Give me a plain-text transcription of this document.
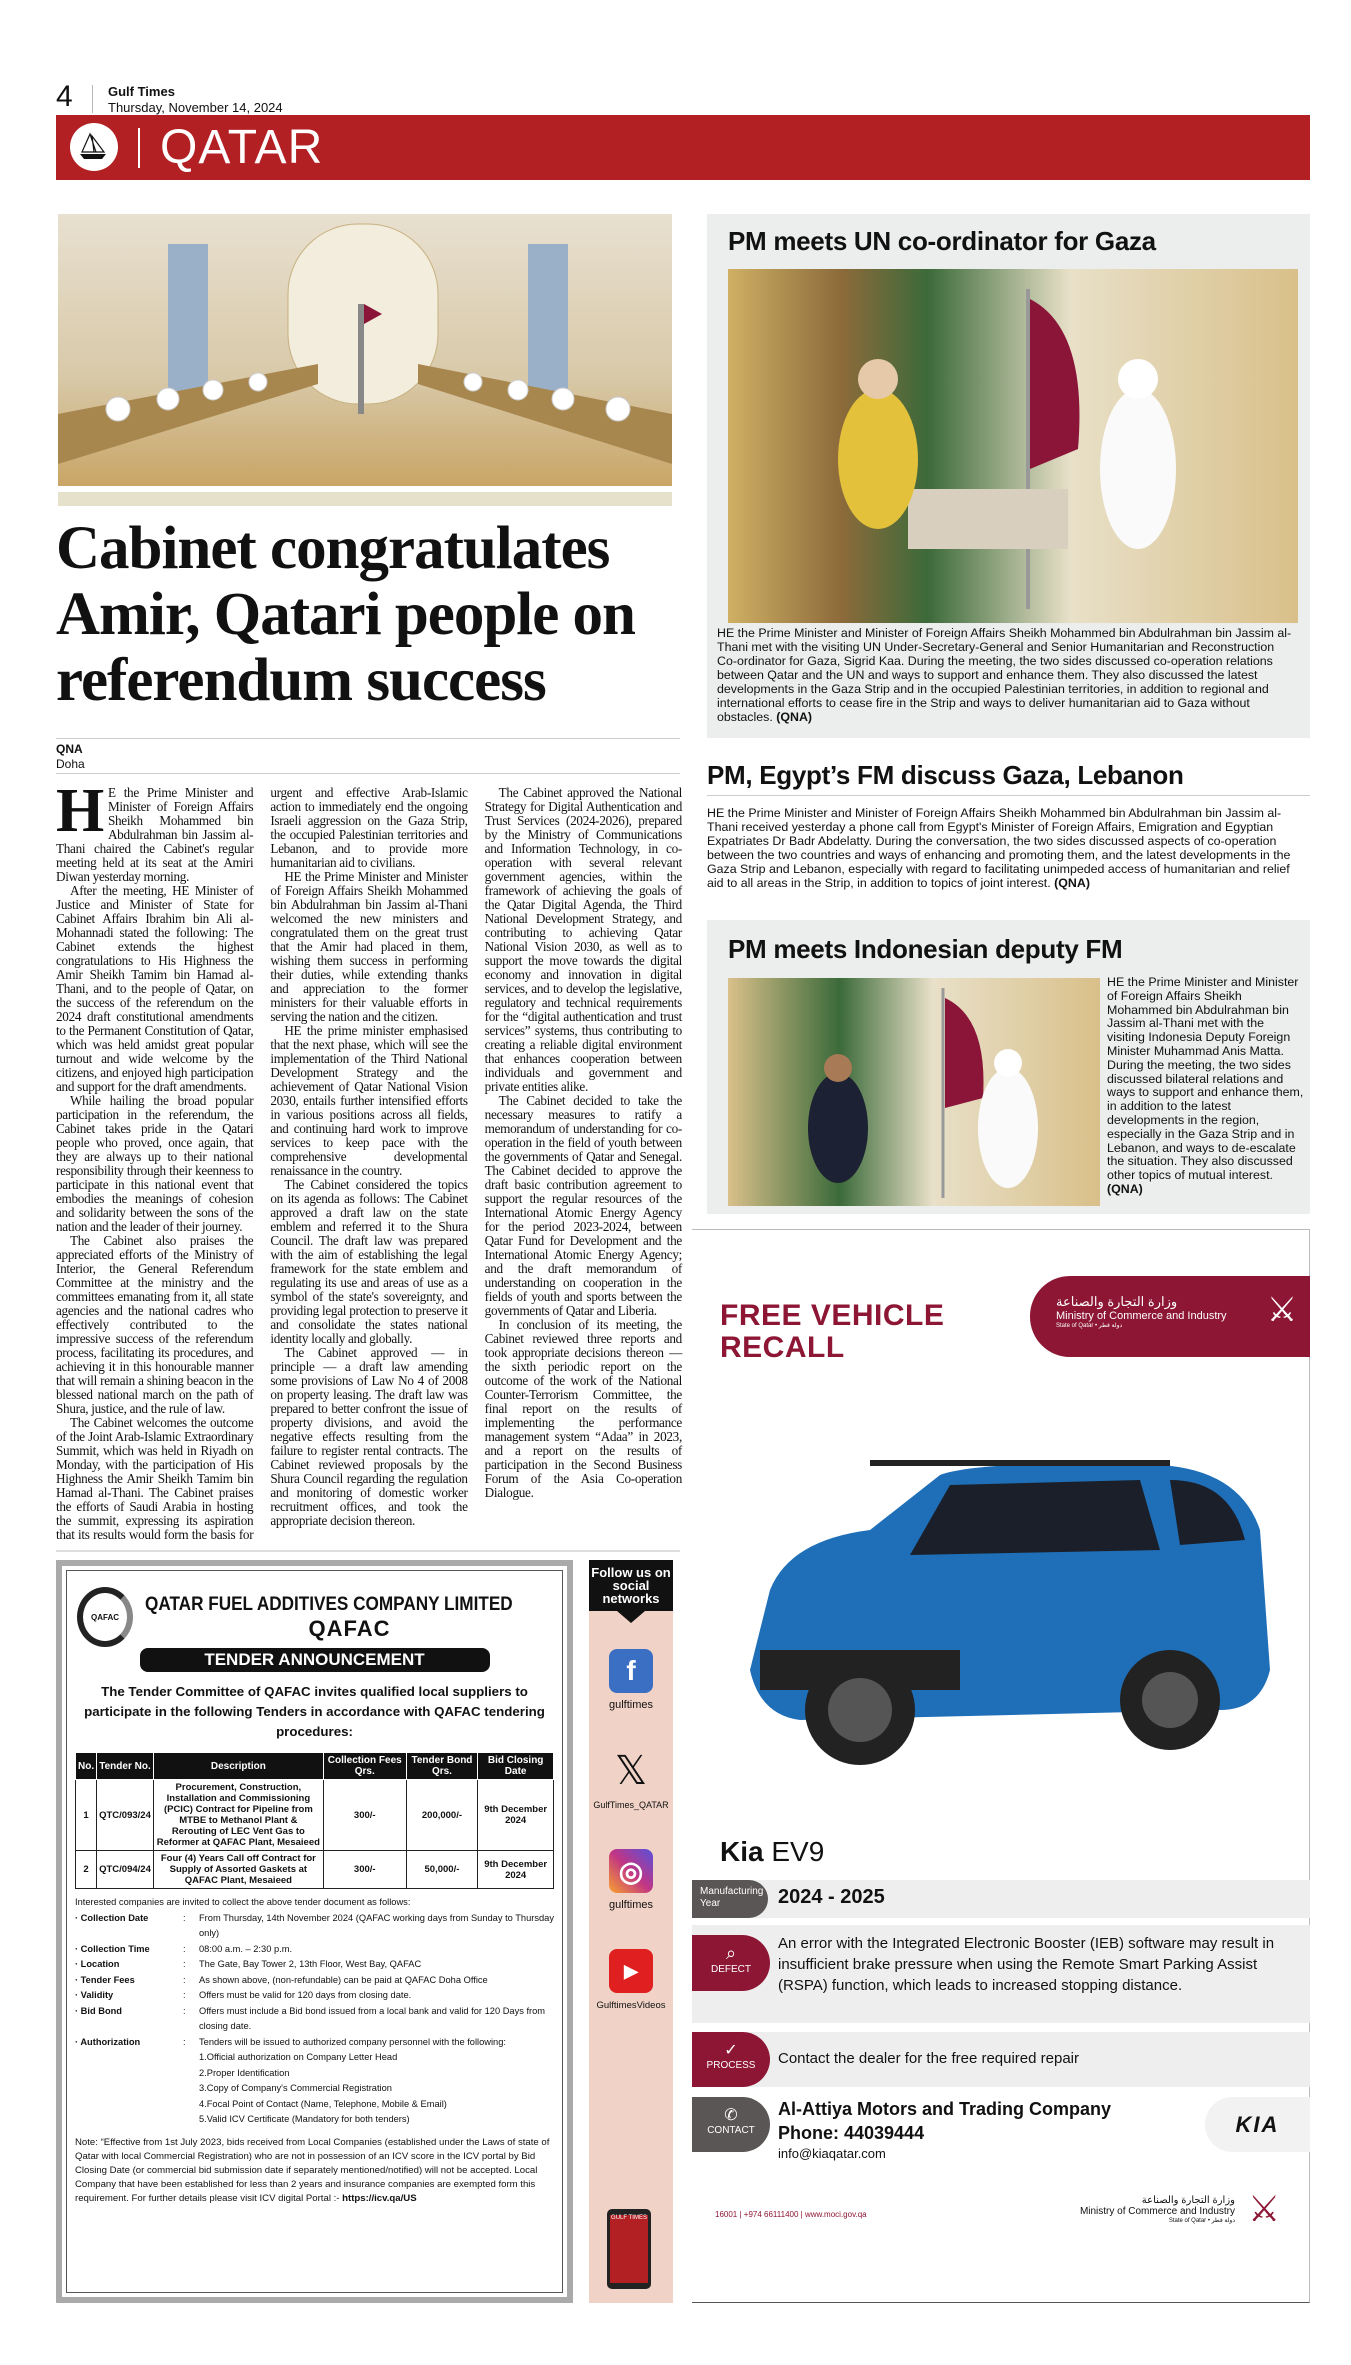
4	Gulf Times
Thursday, November 14, 2024
QATAR
Cabinet congratulates Amir, Qatari people on referendum success
QNA
Doha

HE the Prime Minister and Minister of Foreign Affairs Sheikh Mohammed bin Abdulrahman bin Jassim al-Thani chaired the Cabinet's regular meeting held at its seat at the Amiri Diwan yesterday morning.

After the meeting, HE Minister of Justice and Minister of State for Cabinet Affairs Ibrahim bin Ali al-Mohannadi stated the following: The Cabinet extends the highest congratulations to His Highness the Amir Sheikh Tamim bin Hamad al-Thani, and to the people of Qatar, on the success of the referendum on the 2024 draft constitutional amendments to the Permanent Constitution of Qatar, which was held amidst great popular turnout and wide welcome by the citizens, and enjoyed high participation and support for the draft amendments.

While hailing the broad popular participation in the referendum, the Cabinet takes pride in the Qatari people who proved, once again, that they are always up to their national responsibility through their keenness to participate in this national event that embodies the meanings of cohesion and solidarity between the sons of the nation and the leader of their journey.

The Cabinet also praises the appreciated efforts of the Ministry of Interior, the General Referendum Committee at the ministry and the committees emanating from it, all state agencies and the national cadres who effectively contributed to the impressive success of the referendum process, facilitating its procedures, and achieving it in this honourable manner that will remain a shining beacon in the blessed national march on the path of Shura, justice, and the rule of law.

The Cabinet welcomes the outcome of the Joint Arab-Islamic Extraordinary Summit, which was held in Riyadh on Monday, with the participation of His Highness the Amir Sheikh Tamim bin Hamad al-Thani. The Cabinet praises the efforts of Saudi Arabia in hosting the summit, expressing its aspiration that its results would form the basis for urgent and effective Arab-Islamic action to immediately end the ongoing Israeli aggression on the Gaza Strip, the occupied Palestinian territories and Lebanon, and to provide more humanitarian aid to civilians.

HE the Prime Minister and Minister of Foreign Affairs Sheikh Mohammed bin Abdulrahman bin Jassim al-Thani welcomed the new ministers and congratulated them on the great trust that the Amir had placed in them, wishing them success in performing their duties, while extending thanks and appreciation to the former ministers for their valuable efforts in serving the nation and the citizen.

HE the prime minister emphasised that the next phase, which will see the implementation of the Third National Development Strategy and the achievement of Qatar National Vision 2030, entails further intensified efforts in various positions across all fields, and continuing hard work to improve services to keep pace with the comprehensive developmental renaissance in the country.

The Cabinet considered the topics on its agenda as follows: The Cabinet approved a draft law on the state emblem and referred it to the Shura Council. The draft law was prepared with the aim of establishing the legal framework for the state emblem and regulating its use and areas of use as a symbol of the state's sovereignty, and providing legal protection to preserve it and consolidate the states national identity locally and globally.

The Cabinet approved — in principle — a draft law amending some provisions of Law No 4 of 2008 on property leasing. The draft law was prepared to better confront the issue of property divisions, and avoid the negative effects resulting from the failure to register rental contracts. The Cabinet reviewed proposals by the Shura Council regarding the regulation and monitoring of domestic worker recruitment offices, and took the appropriate decision thereon.

The Cabinet approved the National Strategy for Digital Authentication and Trust Services (2024-2026), prepared by the Ministry of Communications and Information Technology, in co-operation with several relevant government agencies, within the framework of achieving the goals of the Qatar Digital Agenda, the Third National Development Strategy, and contributing to achieving Qatar National Vision 2030, as well as to support the move towards the digital economy and innovation in digital services, and to develop the legislative, regulatory and technical requirements for the “digital authentication and trust services” systems, thus contributing to creating a reliable digital environment that enhances cooperation between individuals and government and private entities alike.

The Cabinet decided to take the necessary measures to ratify a memorandum of understanding for co-operation in the field of youth between the governments of Qatar and Senegal. The Cabinet decided to approve the draft basic contribution agreement to support the regular resources of the International Atomic Energy Agency for the period 2023-2024, between Qatar Fund for Development and the International Atomic Energy Agency; and the draft memorandum of understanding on cooperation in the fields of youth and sports between the governments of Qatar and Liberia.

In conclusion of its meeting, the Cabinet reviewed three reports and took appropriate decisions thereon — the sixth periodic report on the outcome of the work of the National Counter-Terrorism Committee, the final report on the results of implementing the performance management system “Adaa” in 2023, and a report on the results of participation in the Second Business Forum of the Asia Co-operation Dialogue.

QAFAC
QATAR FUEL ADDITIVES COMPANY LIMITED
QAFAC
TENDER ANNOUNCEMENT
The Tender Committee of QAFAC invites qualified local suppliers to participate in the following Tenders in accordance with QAFAC tendering procedures:
No.	Tender No.	Description	Collection Fees Qrs.	Tender Bond Qrs.	Bid Closing Date
1	QTC/093/24	Procurement, Construction, Installation and Commissioning (PCIC) Contract for Pipeline from MTBE to Methanol Plant & Rerouting of LEC Vent Gas to Reformer at QAFAC Plant, Mesaieed	300/-	200,000/-	9th December 2024
2	QTC/094/24	Four (4) Years Call off Contract for Supply of Assorted Gaskets at QAFAC Plant, Mesaieed	300/-	50,000/-	9th December 2024
Interested companies are invited to collect the above tender document as follows:
· Collection Date	:	From Thursday, 14th November 2024 (QAFAC working days from Sunday to Thursday only)
· Collection Time	:	08:00 a.m. – 2:30 p.m.
· Location	:	The Gate, Bay Tower 2, 13th Floor, West Bay, QAFAC
· Tender Fees	:	As shown above, (non-refundable) can be paid at QAFAC Doha Office
· Validity	:	Offers must be valid for 120 days from closing date.
· Bid Bond	:	Offers must include a Bid bond issued from a local bank and valid for 120 Days from closing date.
· Authorization	:	Tenders will be issued to authorized company personnel with the following:
1.Official authorization on Company Letter Head
2.Proper Identification
3.Copy of Company's Commercial Registration
4.Focal Point of Contact (Name, Telephone, Mobile & Email)
5.Valid ICV Certificate (Mandatory for both tenders)
Note: “Effective from 1st July 2023, bids received from Local Companies (established under the Laws of state of Qatar with local Commercial Registration) who are not in possession of an ICV score in the ICV portal by Bid Closing Date (or commercial bid submission date if separately mentioned/notified) will not be accepted. Local Company that have been established for less than 2 years and insurance companies are exempted form this requirement. For further details please visit ICV digital Portal :- https://icv.qa/US
Follow us on social networks
f
gulftimes
𝕏
GulfTimes_QATAR
◎
gulftimes
▶
GulftimesVideos
GULF TIMES
PM meets UN co-ordinator for Gaza
HE the Prime Minister and Minister of Foreign Affairs Sheikh Mohammed bin Abdulrahman bin Jassim al-Thani met with the visiting UN Under-Secretary-General and Senior Humanitarian and Reconstruction Co-ordinator for Gaza, Sigrid Kaa. During the meeting, the two sides discussed co-operation relations between Qatar and the UN and ways to support and enhance them. They also discussed the latest developments in the Gaza Strip and in the occupied Palestinian territories, in addition to regional and international efforts to cease fire in the Strip and ways to deliver humanitarian aid to Gaza without obstacles. (QNA)
PM, Egypt’s FM discuss Gaza, Lebanon
HE the Prime Minister and Minister of Foreign Affairs Sheikh Mohammed bin Abdulrahman bin Jassim al-Thani received yesterday a phone call from Egypt's Minister of Foreign Affairs, Emigration and Egyptian Expatriates Dr Badr Abdelatty. During the conversation, the two sides discussed aspects of co-operation between the two countries and ways of enhancing and promoting them, and the latest developments in the Gaza Strip and Lebanon, especially with regard to facilitating unimpeded access of humanitarian and relief aid to all areas in the Strip, in addition to topics of joint interest. (QNA)
PM meets Indonesian deputy FM
HE the Prime Minister and Minister of Foreign Affairs Sheikh Mohammed bin Abdulrahman bin Jassim al-Thani met with the visiting Indonesia Deputy Foreign Minister Muhammad Anis Matta. During the meeting, the two sides discussed bilateral relations and ways to support and enhance them, in addition to the latest developments in the region, especially in the Gaza Strip and in Lebanon, and ways to de-escalate the situation. They also discussed other topics of mutual interest. (QNA)
FREE VEHICLE
RECALL
وزارة التجارة والصناعة
Ministry of Commerce and Industry
State of Qatar • دولة قطر	⚔
Kia EV9
Manufacturing Year	2024 - 2025
⌕
DEFECT
An error with the Integrated Electronic Booster (IEB) software may result in insufficient brake pressure when using the Remote Smart Parking Assist (RSPA) function, which leads to increased stopping distance.
✓
PROCESS	Contact the dealer for the free required repair
✆
CONTACT
Al-Attiya Motors and Trading Company
Phone: 44039444
info@kiaqatar.com
KIA
16001 | +974 66111400 | www.moci.gov.qa
وزارة التجارة والصناعة
Ministry of Commerce and Industry
State of Qatar • دولة قطر ⚔
